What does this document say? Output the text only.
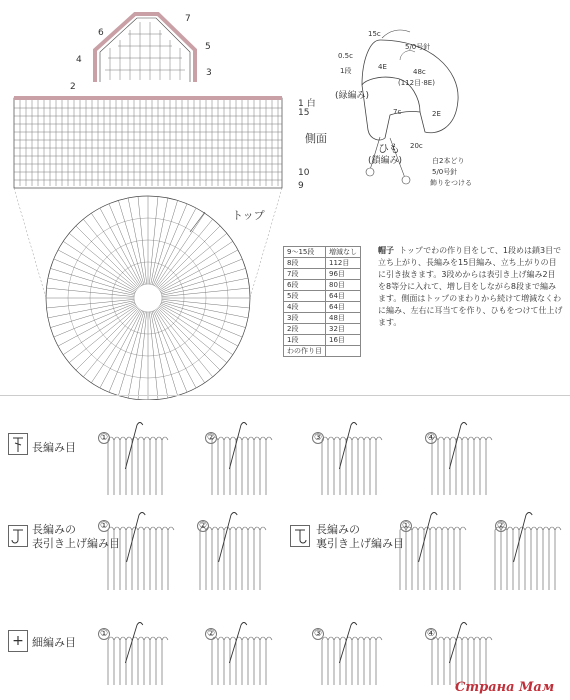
7
6
5
4
3
2
1 白
15
10
9
側面
トップ
9〜15段	増減なし
8段	112目
7段	96目
6段	80目
5段	64目
4段	64目
3段	48目
2段	32目
1段	16目
わの作り目	
15c
0.5c
1段
5/0号針
4E
48c
(112目·8E)
7c	2E
(緑編み)
ひも
(鎖編み)
20c
白2本どり
5/0号針
飾りをつける
帽子 トップでわの作り目をして、1段めは鎖3目で立ち上がり、長編みを15目編み、立ち上がりの目に引き抜きます。3段めからは表引き上げ編み2目を8等分に入れて、増し目をしながら8段まで編みます。側面はトップのまわりから続けて増減なくわに編み、左右に耳当てを作り、ひもをつけて仕上げます。
長編み目
長編みの
表引き上げ編み目
長編みの
裏引き上げ編み目
+ 細編み目
①	②	③	④
①	②	①	②
①	②	③	④
Страна Мам
